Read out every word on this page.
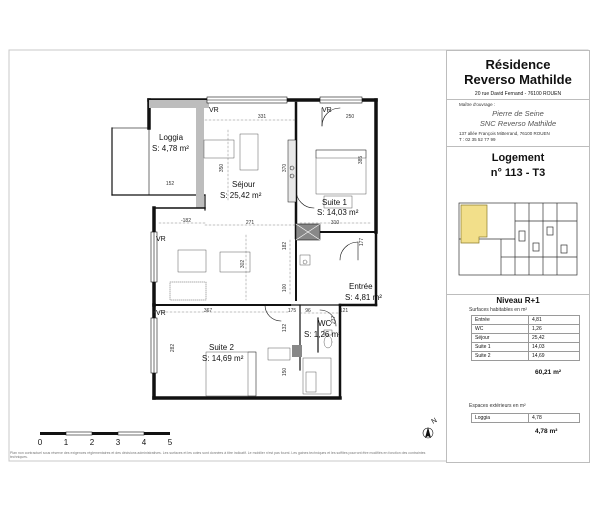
331	250
350	370
385
152
271
-182
177
302
182
310
100
367	175 96	121
282
132
237
150
VR	VR
VR
VR
Loggia
S: 4,78 m²
Séjour
S: 25,42 m²
Suite 1
S: 14,03 m²
Entrée
S: 4,81 m²
WC
S: 1,26 m²
Suite 2
S: 14,69 m²
0	1	2	3	4	5
N
Plan non contractuel sous réserve des exigences réglementaires et des décisions administratives. Les surfaces et les cotes sont données à titre indicatif. Le mobilier n'est pas fourni. Les gaines techniques et les soffites pourront être modifiés en fonction des contraintes techniques.
Résidence
Reverso Mathilde
20 rue David Fernand - 76100 ROUEN
Maître d'ouvrage :
Pierre de Seine
SNC Reverso Mathilde
137 allée François Mitterrand, 76100 ROUEN
T : 02 35 52 77 99
Logement
n° 113 - T3
Niveau R+1
Surfaces habitables en m²
Entrée	4,81
WC	1,26
Séjour	25,42
Suite 1	14,03
Suite 2	14,69
60,21 m²
Espaces extérieurs en m²
Loggia	4,78
4,78 m²
